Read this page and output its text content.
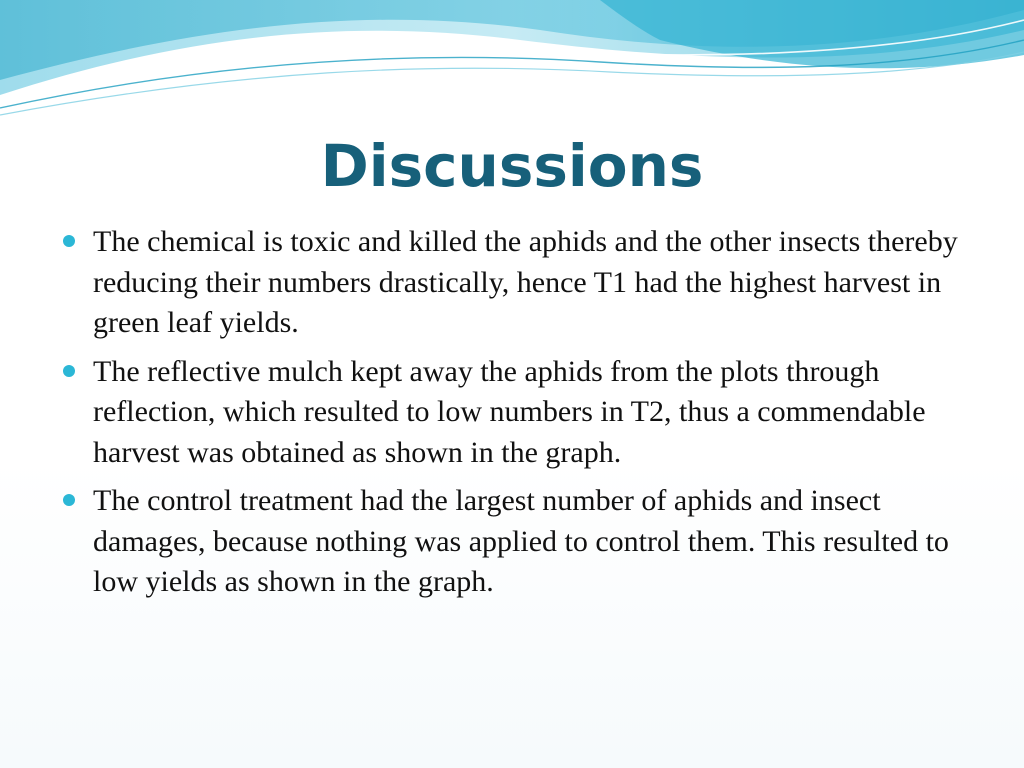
Discussions
The chemical is toxic and killed the aphids and the other insects thereby reducing their numbers drastically, hence T1 had the highest harvest in green leaf yields.
The reflective mulch kept away the aphids from the plots through reflection, which resulted to low numbers in T2, thus a commendable harvest was obtained as shown in the graph.
The control treatment had the largest number of aphids and insect damages, because nothing was applied to control them. This resulted to low yields as shown in the graph.
